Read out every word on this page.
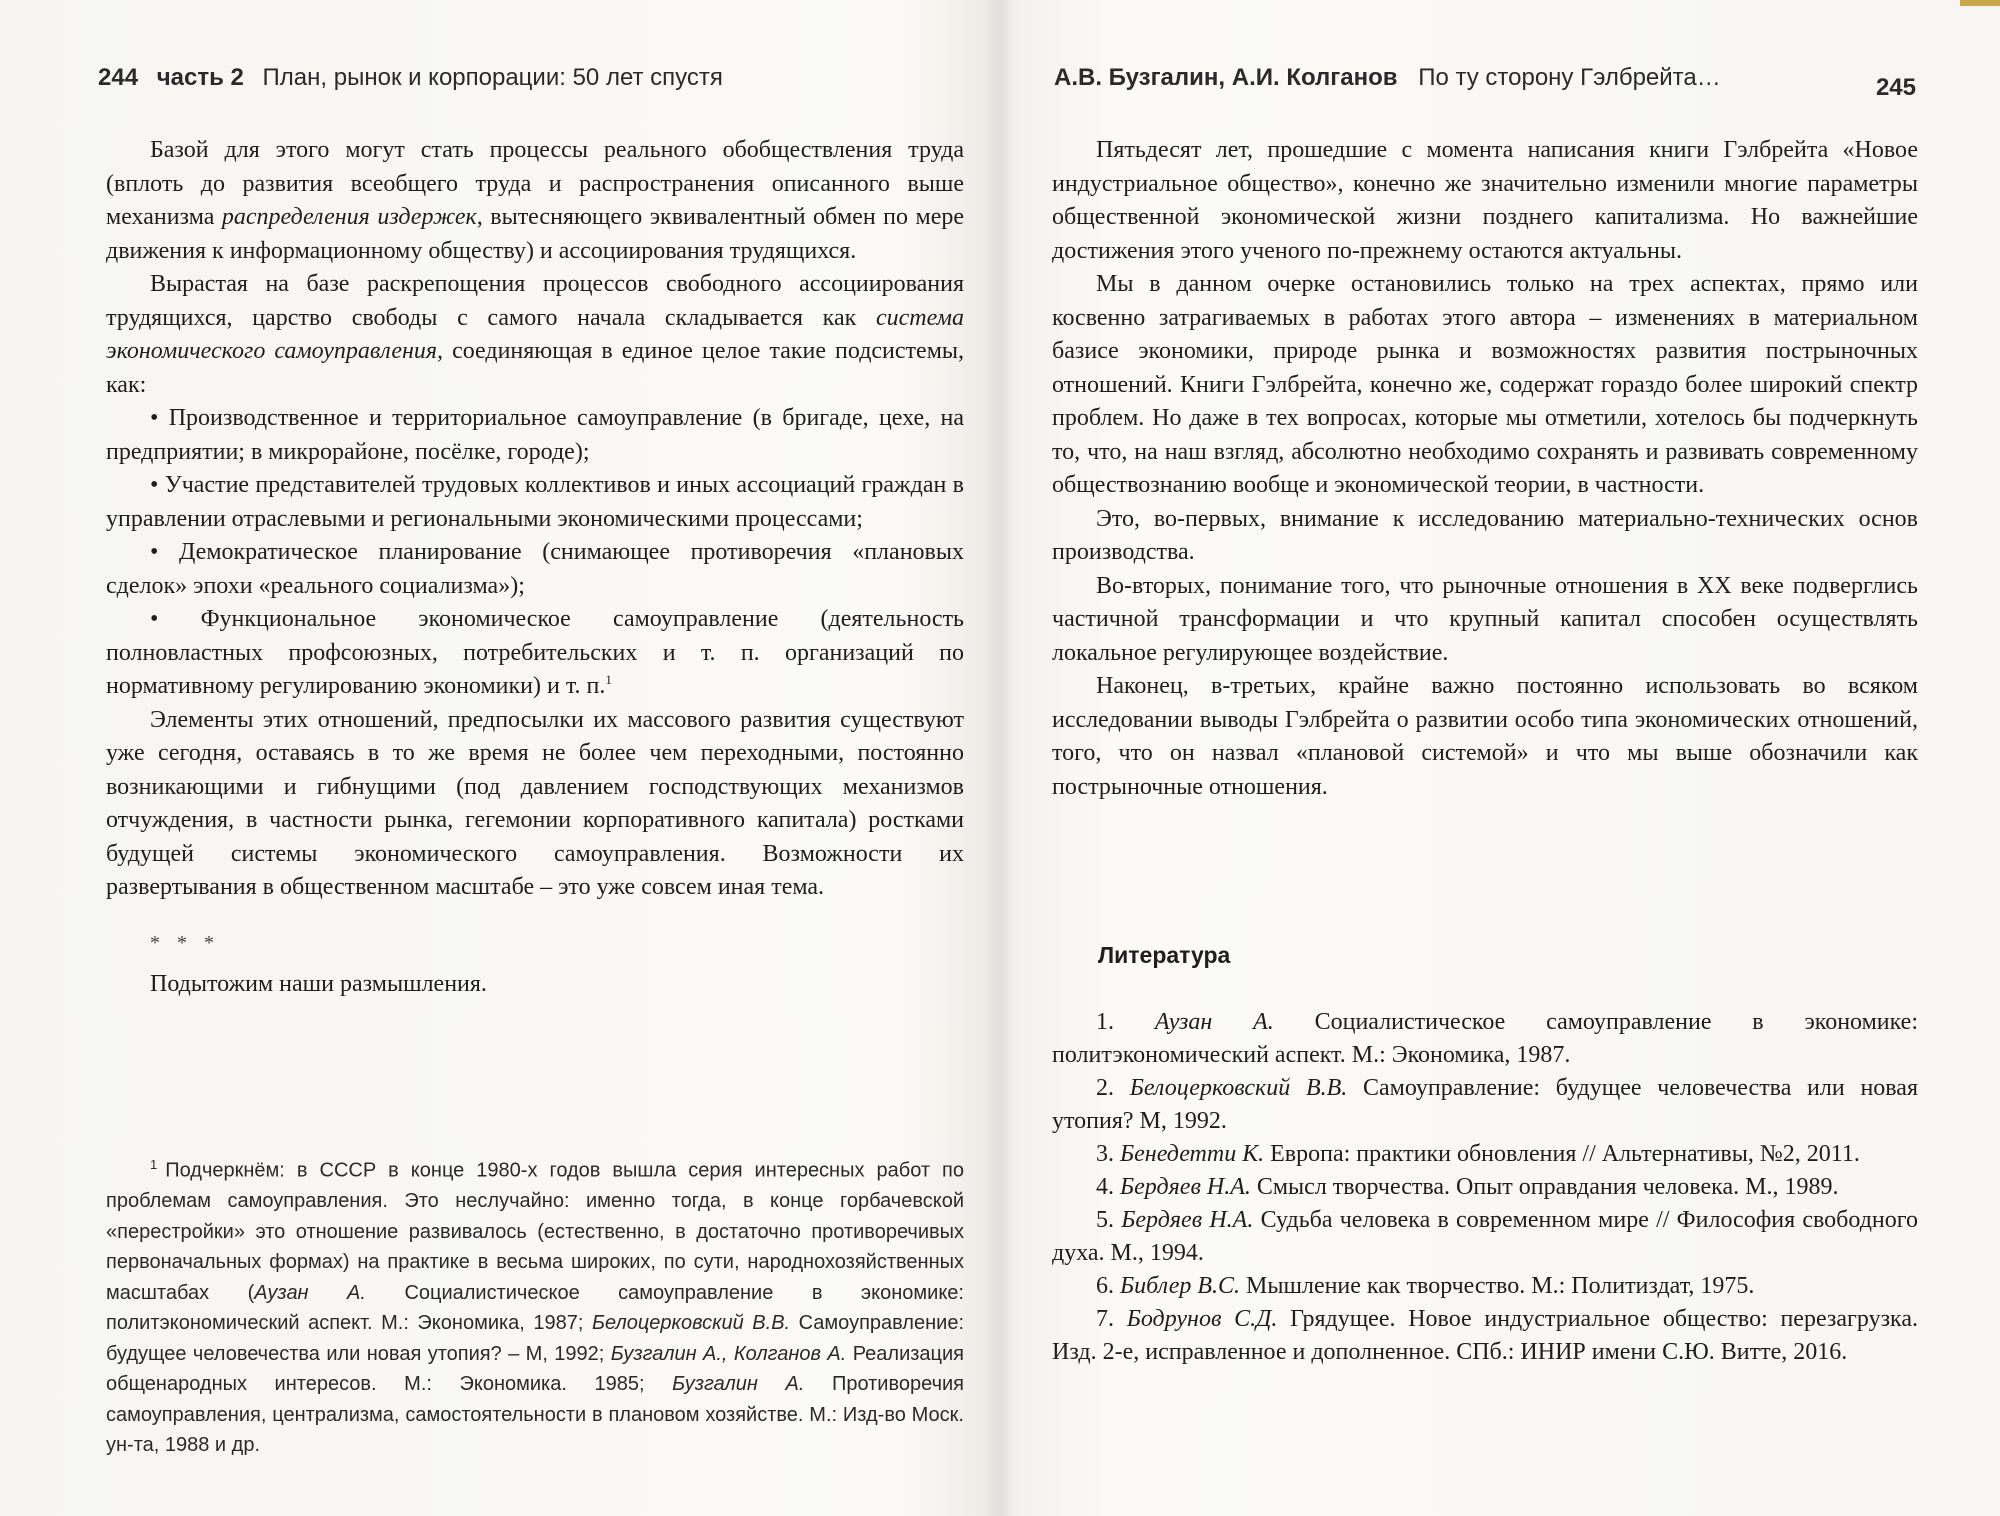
244 часть 2 План, рынок и корпорации: 50 лет спустя

Базой для этого могут стать процессы реального обобществления труда (вплоть до развития всеобщего труда и распространения описанного выше механизма распределения издержек, вытесняющего эквивалентный обмен по мере движения к информационному обществу) и ассоциирования трудящихся.

Вырастая на базе раскрепощения процессов свободного ассоциирования трудящихся, царство свободы с самого начала складывается как система экономического самоуправления, соединяющая в единое целое такие подсистемы, как:

• Производственное и территориальное самоуправление (в бригаде, цехе, на предприятии; в микрорайоне, посёлке, городе);

• Участие представителей трудовых коллективов и иных ассоциаций граждан в управлении отраслевыми и региональными экономическими процессами;

• Демократическое планирование (снимающее противоречия «плановых сделок» эпохи «реального социализма»);

• Функциональное экономическое самоуправление (деятельность полновластных профсоюзных, потребительских и т. п. организаций по нормативному регулированию экономики) и т. п.$^1$

Элементы этих отношений, предпосылки их массового развития существуют уже сегодня, оставаясь в то же время не более чем переходными, постоянно возникающими и гибнущими (под давлением господствующих механизмов отчуждения, в частности рынка, гегемонии корпоративного капитала) ростками будущей системы экономического самоуправления. Возможности их развертывания в общественном масштабе – это уже совсем иная тема.

* * *
Подытожим наши размышления.
$^1$ Подчеркнём: в СССР в конце 1980-х годов вышла серия интересных работ по проблемам самоуправления. Это неслучайно: именно тогда, в конце горбачевской «перестройки» это отношение развивалось (естественно, в достаточно противоречивых первоначальных формах) на практике в весьма широких, по сути, народнохозяйственных масштабах (Аузан А. Социалистическое самоуправление в экономике: политэкономический аспект. М.: Экономика, 1987; Белоцерковский В.В. Самоуправление: будущее человечества или новая утопия? – М, 1992; Бузгалин А., Колганов А. Реализация общенародных интересов. М.: Экономика. 1985; Бузгалин А. Противоречия самоуправления, централизма, самостоятельности в плановом хозяйстве. М.: Изд-во Моск. ун-та, 1988 и др.
А.В. Бузгалин, А.И. Колганов По ту сторону Гэлбрейта…	245

Пятьдесят лет, прошедшие с момента написания книги Гэлбрейта «Новое индустриальное общество», конечно же значительно изменили многие параметры общественной экономической жизни позднего капитализма. Но важнейшие достижения этого ученого по-прежнему остаются актуальны.

Мы в данном очерке остановились только на трех аспектах, прямо или косвенно затрагиваемых в работах этого автора – изменениях в материальном базисе экономики, природе рынка и возможностях развития пострыночных отношений. Книги Гэлбрейта, конечно же, содержат гораздо более широкий спектр проблем. Но даже в тех вопросах, которые мы отметили, хотелось бы подчеркнуть то, что, на наш взгляд, абсолютно необходимо сохранять и развивать современному обществознанию вообще и экономической теории, в частности.

Это, во-первых, внимание к исследованию материально-технических основ производства.

Во-вторых, понимание того, что рыночные отношения в XX веке подверглись частичной трансформации и что крупный капитал способен осуществлять локальное регулирующее воздействие.

Наконец, в-третьих, крайне важно постоянно использовать во всяком исследовании выводы Гэлбрейта о развитии особо типа экономических отношений, того, что он назвал «плановой системой» и что мы выше обозначили как пострыночные отношения.

Литература

1. Аузан А. Социалистическое самоуправление в экономике: политэкономический аспект. М.: Экономика, 1987.

2. Белоцерковский В.В. Самоуправление: будущее человечества или новая утопия? М, 1992.

3. Бенедетти К. Европа: практики обновления // Альтернативы, №2, 2011.

4. Бердяев Н.А. Смысл творчества. Опыт оправдания человека. М., 1989.

5. Бердяев Н.А. Судьба человека в современном мире // Философия свободного духа. М., 1994.

6. Библер В.С. Мышление как творчество. М.: Политиздат, 1975.

7. Бодрунов С.Д. Грядущее. Новое индустриальное общество: перезагрузка. Изд. 2-е, исправленное и дополненное. СПб.: ИНИР имени С.Ю. Витте, 2016.
